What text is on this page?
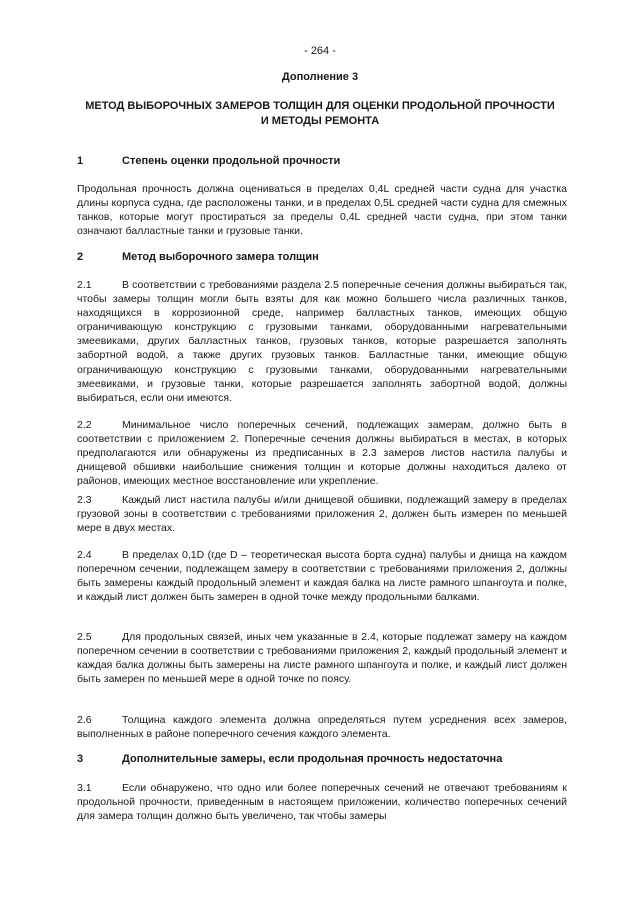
- 264 -
Дополнение 3
МЕТОД ВЫБОРОЧНЫХ ЗАМЕРОВ ТОЛЩИН ДЛЯ ОЦЕНКИ ПРОДОЛЬНОЙ ПРОЧНОСТИ И МЕТОДЫ РЕМОНТА
1	Степень оценки продольной прочности

Продольная прочность должна оцениваться в пределах 0,4L средней части судна для участка длины корпуса судна, где расположены танки, и в пределах 0,5L средней части судна для смежных танков, которые могут простираться за пределы 0,4L средней части судна, при этом танки означают балластные танки и грузовые танки.

2	Метод выборочного замера толщин
2.1	В соответствии с требованиями раздела 2.5 поперечные сечения должны выбираться так, чтобы замеры толщин могли быть взяты для как можно большего числа различных танков, находящихся в коррозионной среде, например балластных танков, имеющих общую ограничивающую конструкцию с грузовыми танками, оборудованными нагревательными змеевиками, других балластных танков, грузовых танков, которые разрешается заполнять забортной водой, а также других грузовых танков. Балластные танки, имеющие общую ограничивающую конструкцию с грузовыми танками, оборудованными нагревательными змеевиками, и грузовые танки, которые разрешается заполнять забортной водой, должны выбираться, если они имеются.

2.2	Минимальное число поперечных сечений, подлежащих замерам, должно быть в соответствии с приложением 2. Поперечные сечения должны выбираться в местах, в которых предполагаются или обнаружены из предписанных в 2.3 замеров листов настила палубы и днищевой обшивки наибольшие снижения толщин и которые должны находиться далеко от районов, имеющих местное восстановление или укрепление.

2.3	Каждый лист настила палубы и/или днищевой обшивки, подлежащий замеру в пределах грузовой зоны в соответствии с требованиями приложения 2, должен быть измерен по меньшей мере в двух местах.

2.4	В пределах 0,1D (где D – теоретическая высота борта судна) палубы и днища на каждом поперечном сечении, подлежащем замеру в соответствии с требованиями приложения 2, должны быть замерены каждый продольный элемент и каждая балка на листе рамного шпангоута и полке, и каждый лист должен быть замерен в одной точке между продольными балками.

2.5	Для продольных связей, иных чем указанные в 2.4, которые подлежат замеру на каждом поперечном сечении в соответствии с требованиями приложения 2, каждый продольный элемент и каждая балка должны быть замерены на листе рамного шпангоута и полке, и каждый лист должен быть замерен по меньшей мере в одной точке по поясу.

2.6	Толщина каждого элемента должна определяться путем усреднения всех замеров, выполненных в районе поперечного сечения каждого элемента.

3	Дополнительные замеры, если продольная прочность недостаточна
3.1	Если обнаружено, что одно или более поперечных сечений не отвечают требованиям к продольной прочности, приведенным в настоящем приложении, количество поперечных сечений для замера толщин должно быть увеличено, так чтобы замеры
